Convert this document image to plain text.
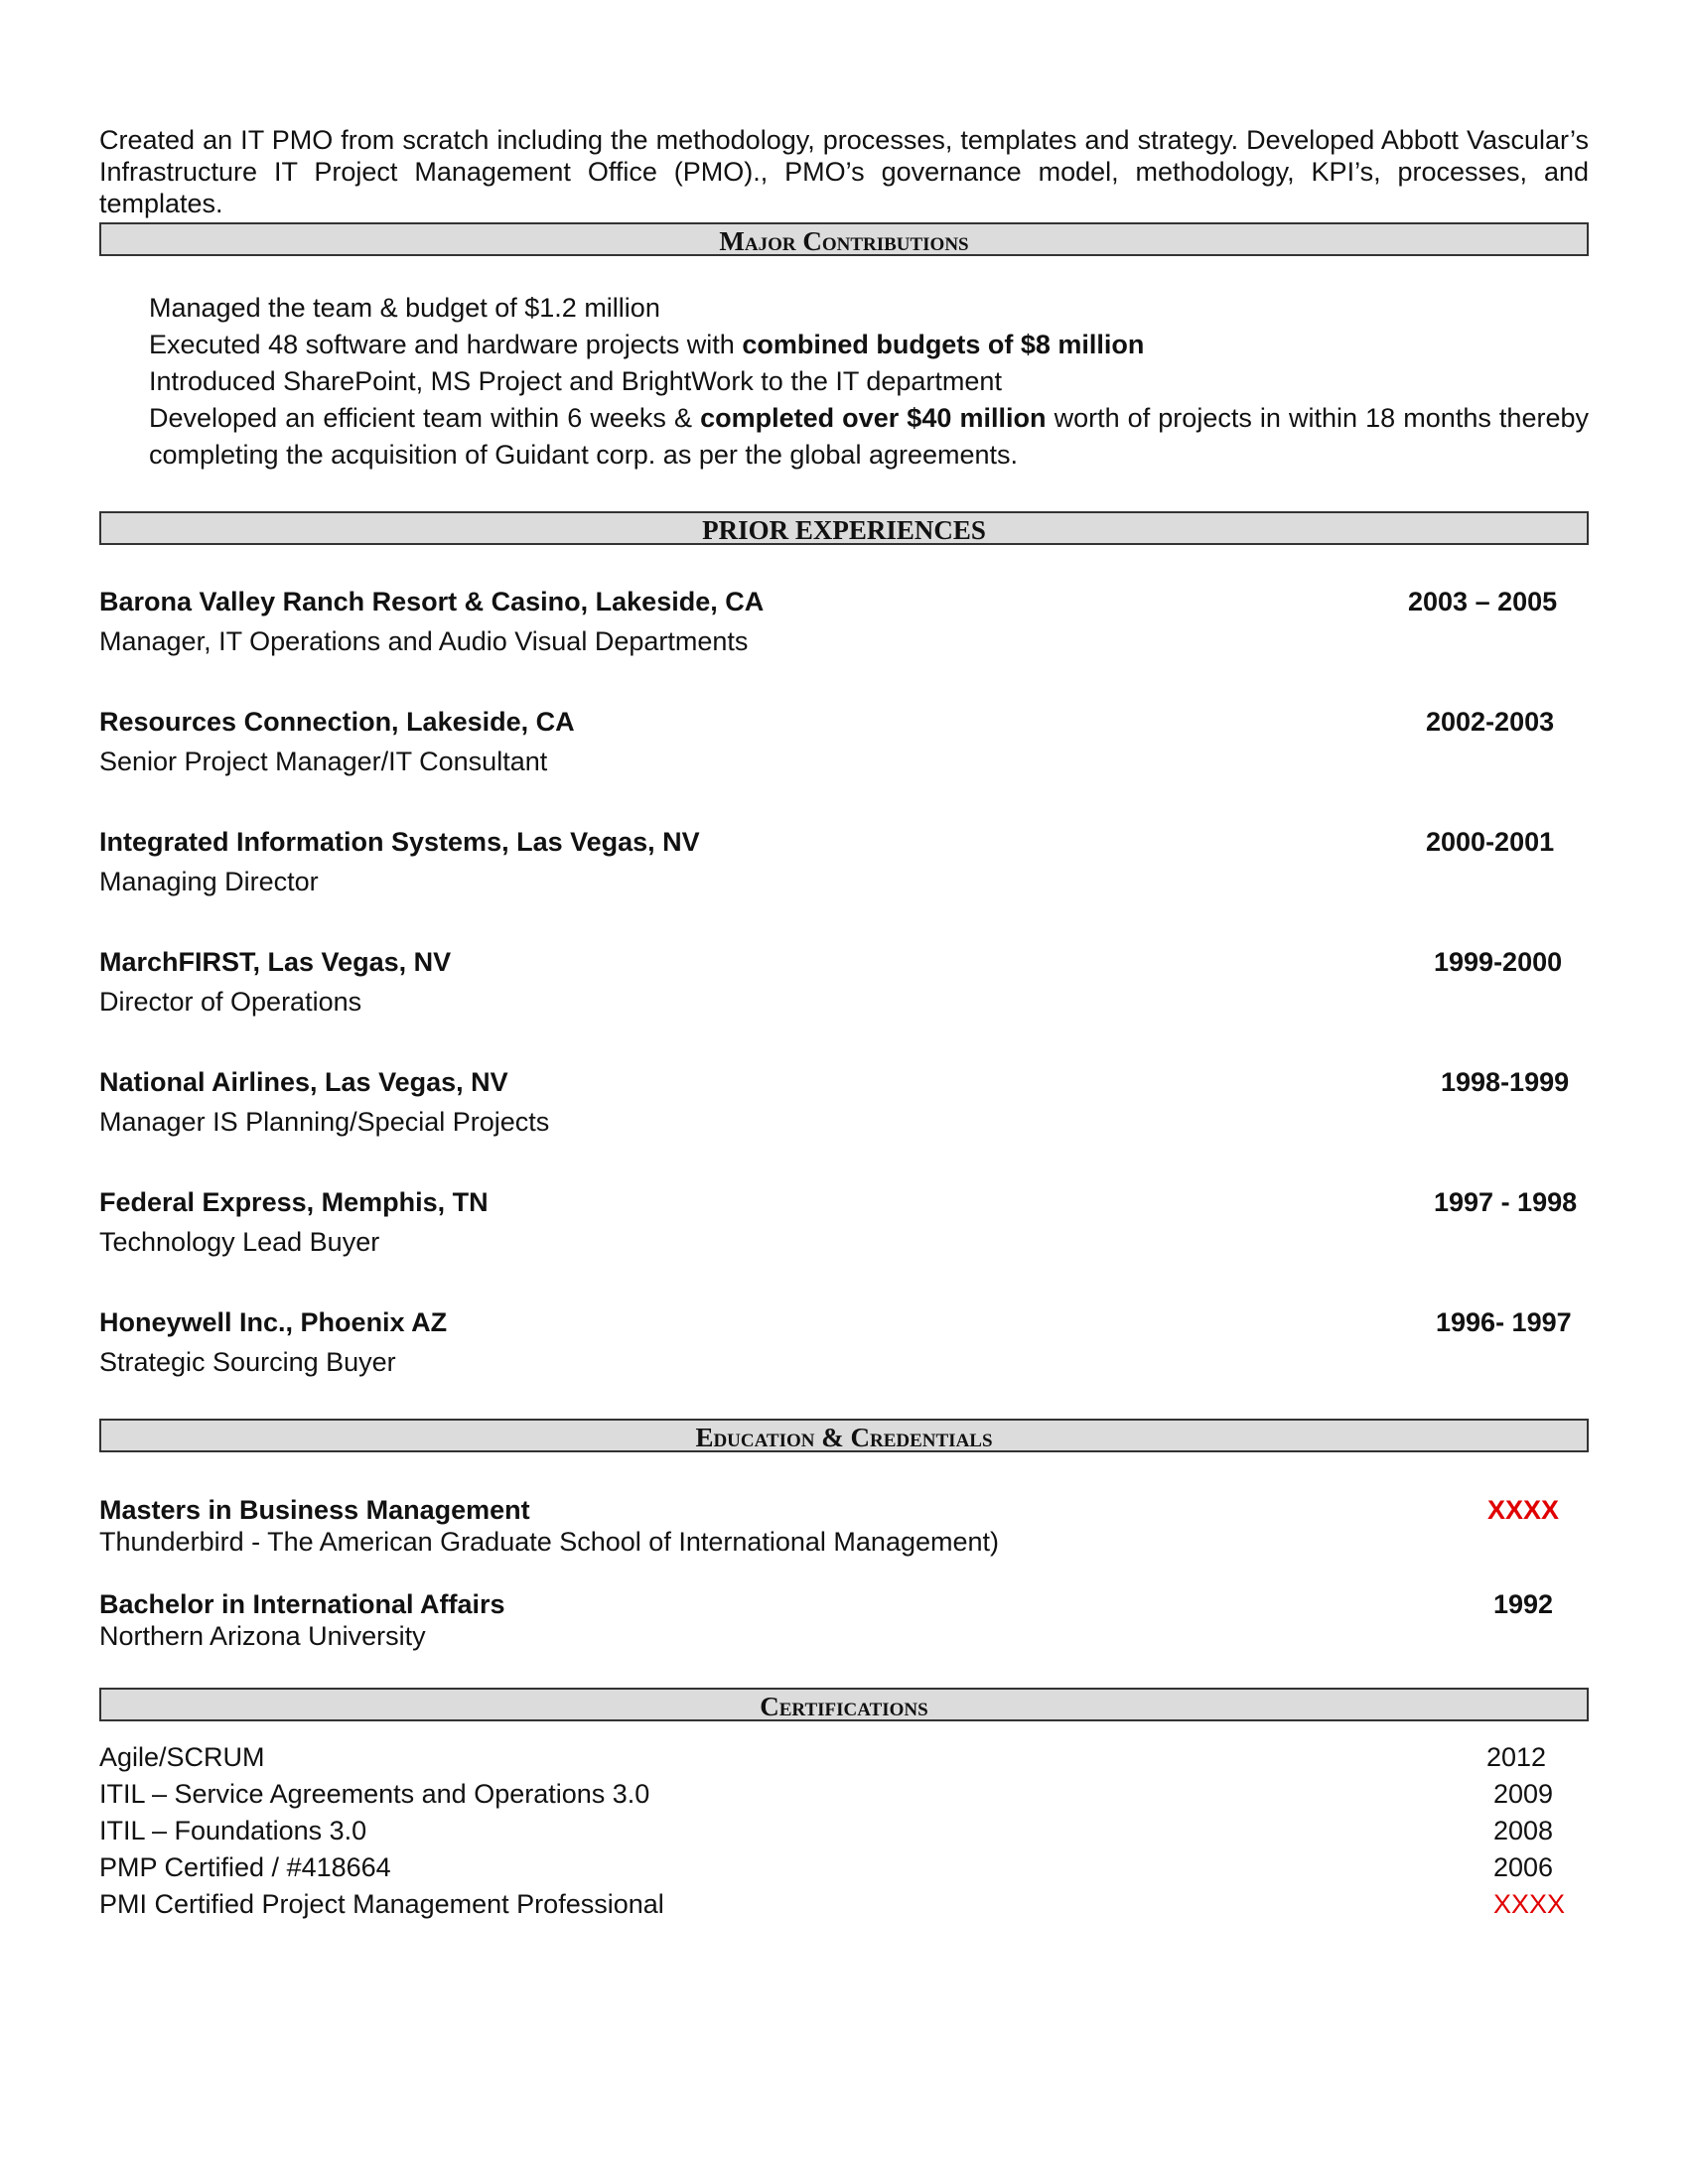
Created an IT PMO from scratch including the methodology, processes, templates and strategy. Developed Abbott Vascular’s Infrastructure IT Project Management Office (PMO)., PMO’s governance model, methodology, KPI’s, processes, and templates.

Major Contributions
Managed the team & budget of $1.2 million
Executed 48 software and hardware projects with combined budgets of $8 million
Introduced SharePoint, MS Project and BrightWork to the IT department
Developed an efficient team within 6 weeks & completed over $40 million worth of projects in within 18 months thereby completing the acquisition of Guidant corp. as per the global agreements.
PRIOR EXPERIENCES
Barona Valley Ranch Resort & Casino, Lakeside, CA	2003 – 2005
Manager, IT Operations and Audio Visual Departments
Resources Connection, Lakeside, CA	2002-2003
Senior Project Manager/IT Consultant
Integrated Information Systems, Las Vegas, NV	2000-2001
Managing Director
MarchFIRST, Las Vegas, NV	1999-2000
Director of Operations
National Airlines, Las Vegas, NV	1998-1999
Manager IS Planning/Special Projects
Federal Express, Memphis, TN	1997 - 1998
Technology Lead Buyer
Honeywell Inc., Phoenix AZ	1996- 1997
Strategic Sourcing Buyer
Education & Credentials
Masters in Business Management	XXXX
Thunderbird - The American Graduate School of International Management)
Bachelor in International Affairs	1992
Northern Arizona University
Certifications
Agile/SCRUM	2012
ITIL – Service Agreements and Operations 3.0	2009
ITIL – Foundations 3.0	2008
PMP Certified / #418664	2006
PMI Certified Project Management Professional	XXXX
